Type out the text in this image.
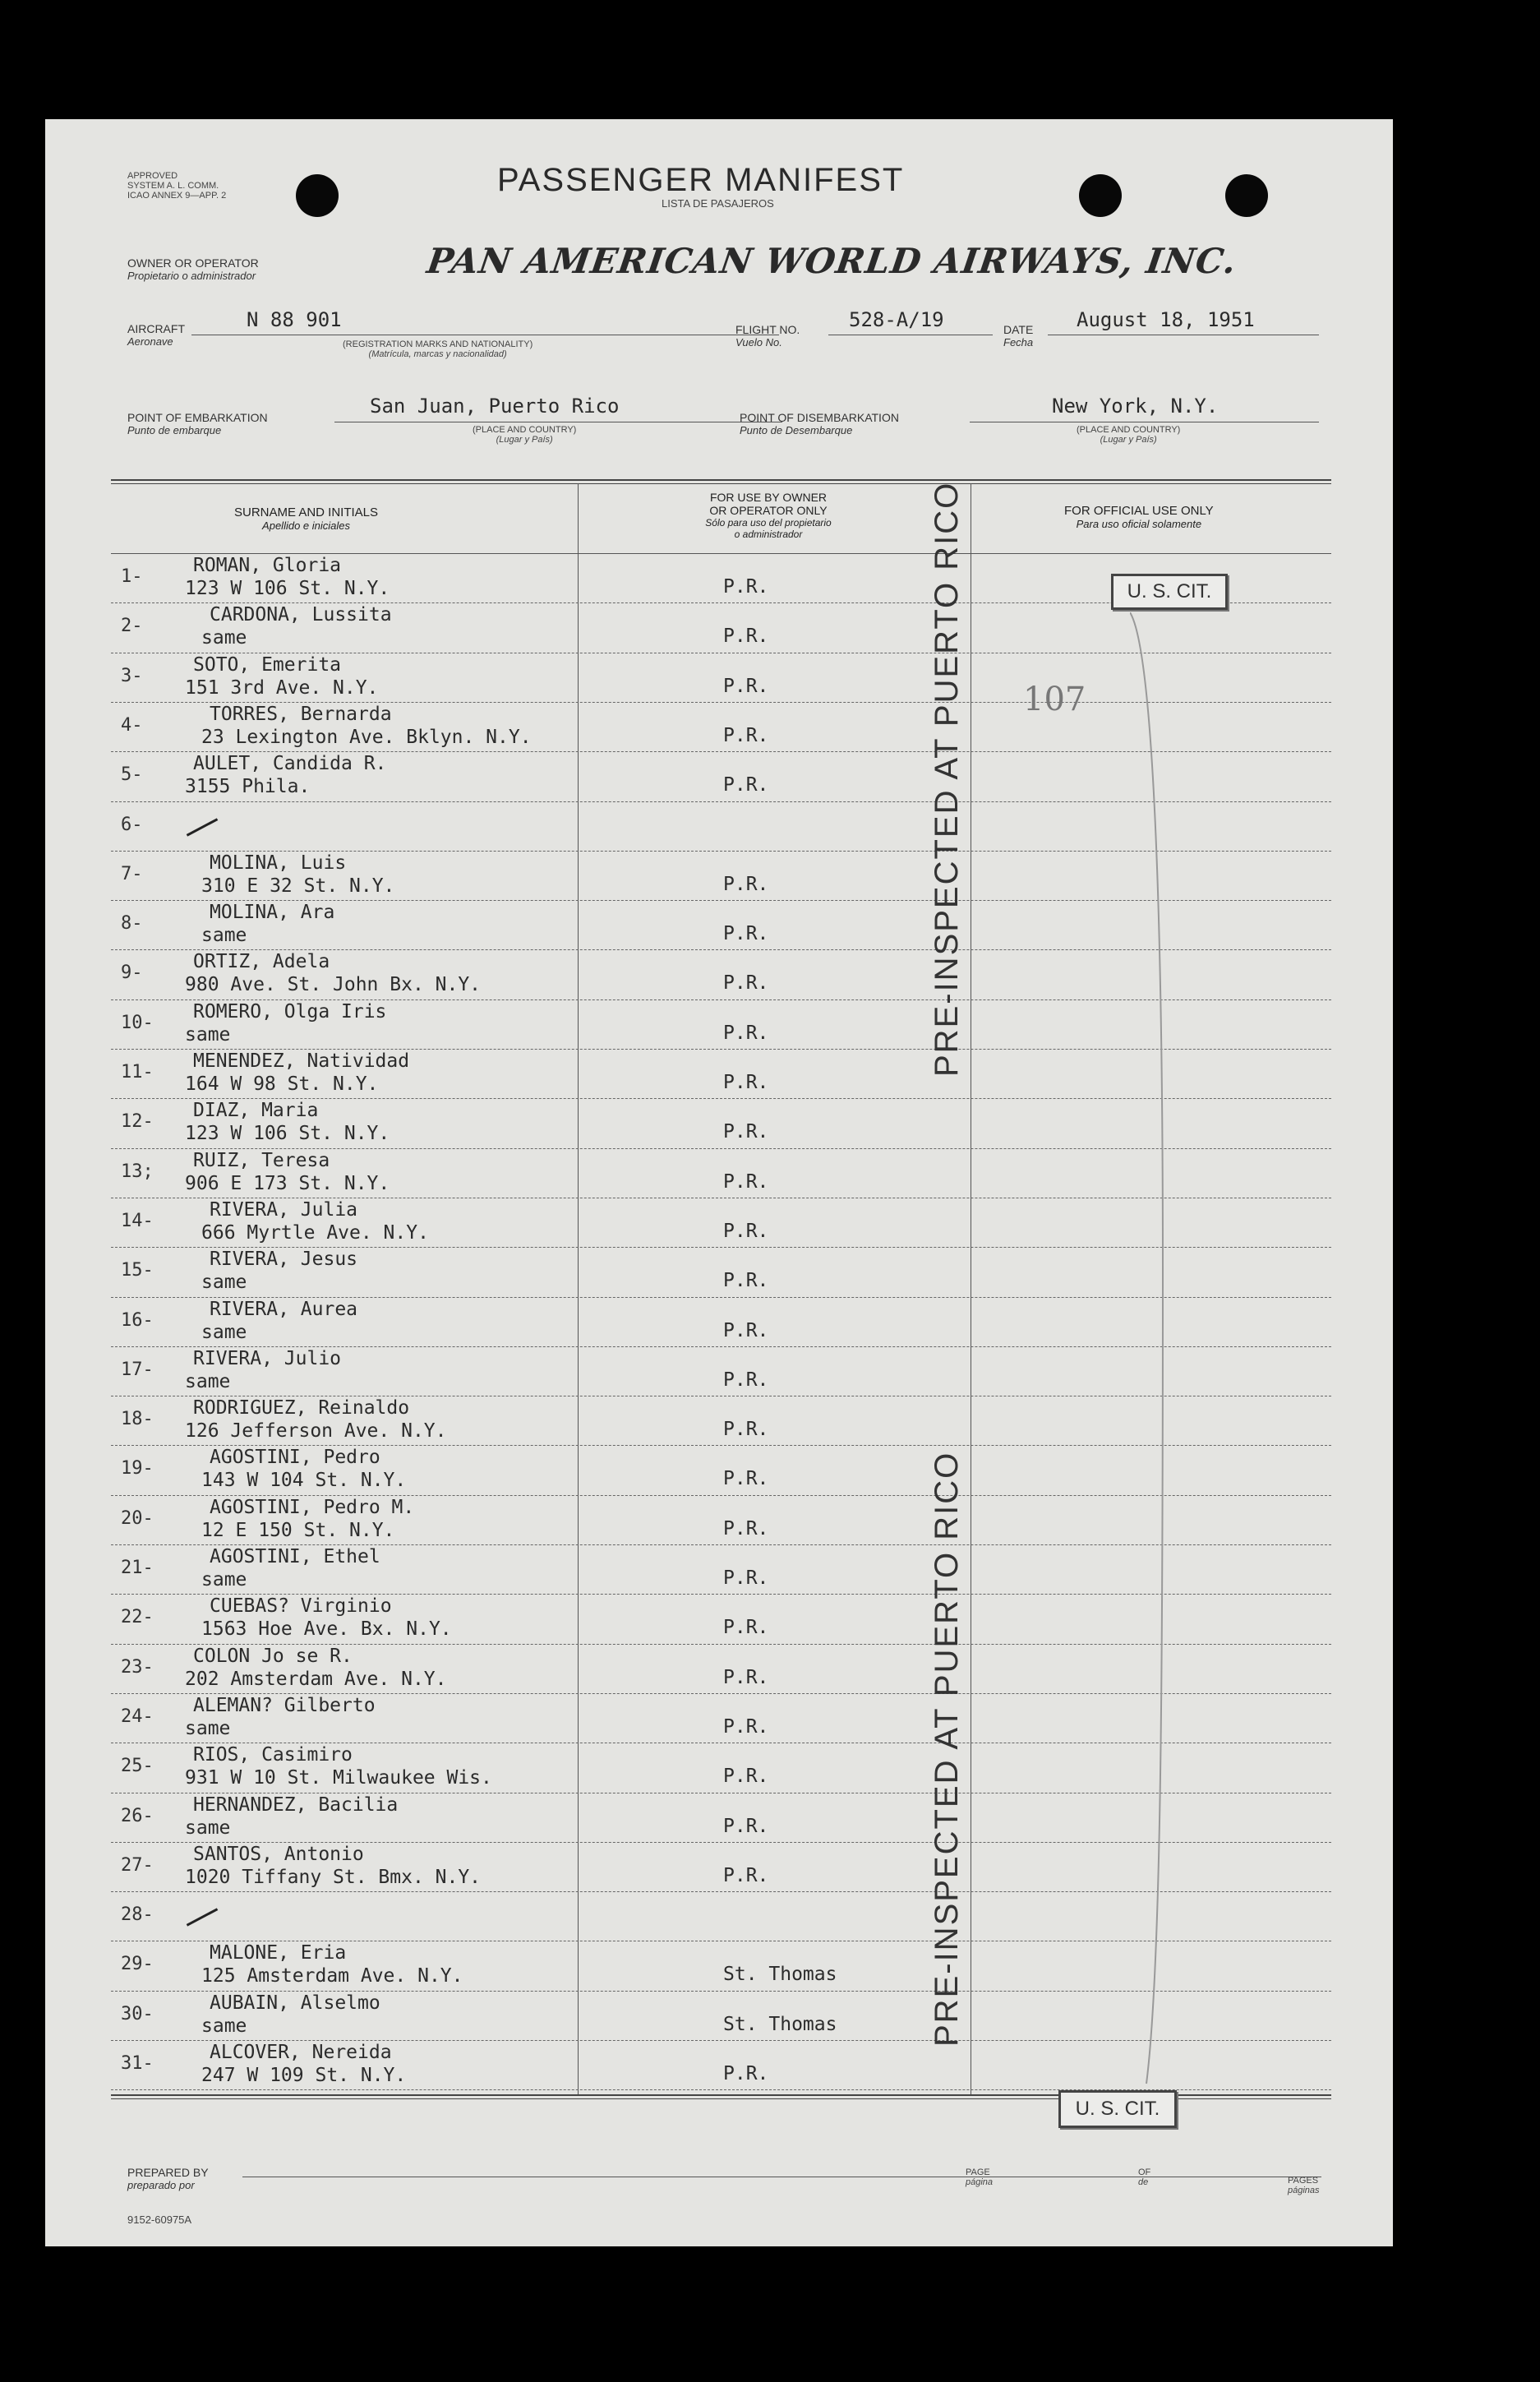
APPROVED
SYSTEM A. L. COMM.
ICAO ANNEX 9—APP. 2	PASSENGER MANIFEST
LISTA DE PASAJEROS
OWNER OR OPERATOR
Propietario o administrador	PAN AMERICAN WORLD AIRWAYS, INC.
AIRCRAFT
Aeronave
N 88 901
(REGISTRATION MARKS AND NATIONALITY)
(Matrícula, marcas y nacionalidad)
FLIGHT NO.
Vuelo No.
528-A/19	DATE
Fecha
August 18, 1951
POINT OF EMBARKATION
Punto de embarque
San Juan, Puerto Rico
(PLACE AND COUNTRY)
(Lugar y País)
POINT OF DISEMBARKATION
Punto de Desembarque
New York, N.Y.
(PLACE AND COUNTRY)
(Lugar y País)
SURNAME AND INITIALS
Apellido e iniciales
FOR USE BY OWNER
OR OPERATOR ONLY
Sólo para uso del propietario
o administrador
FOR OFFICIAL USE ONLY
Para uso oficial solamente
1-
ROMAN, Gloria
123 W 106 St. N.Y.	P.R.
2-
CARDONA, Lussita
same	P.R.
3-
SOTO, Emerita
151 3rd Ave. N.Y.	P.R.
4-
TORRES, Bernarda
23 Lexington Ave. Bklyn. N.Y.	P.R.
5-
AULET, Candida R.
3155 Phila.	P.R.
6-
7-
MOLINA, Luis
310 E 32 St. N.Y.	P.R.
8-
MOLINA, Ara
same	P.R.
9-
ORTIZ, Adela
980 Ave. St. John Bx. N.Y.	P.R.
10-
ROMERO, Olga Iris
same	P.R.
11-
MENENDEZ, Natividad
164 W 98 St. N.Y.	P.R.
12-
DIAZ, Maria
123 W 106 St. N.Y.	P.R.
13;
RUIZ, Teresa
906 E 173 St. N.Y.	P.R.
14-
RIVERA, Julia
666 Myrtle Ave. N.Y.	P.R.
15-
RIVERA, Jesus
same	P.R.
16-
RIVERA, Aurea
same	P.R.
17-
RIVERA, Julio
same	P.R.
18-
RODRIGUEZ, Reinaldo
126 Jefferson Ave. N.Y.	P.R.
19-
AGOSTINI, Pedro
143 W 104 St. N.Y.	P.R.
20-
AGOSTINI, Pedro M.
12 E 150 St. N.Y.	P.R.
21-
AGOSTINI, Ethel
same	P.R.
22-
CUEBAS? Virginio
1563 Hoe Ave. Bx. N.Y.	P.R.
23-
COLON Jo se R.
202 Amsterdam Ave. N.Y.	P.R.
24-
ALEMAN? Gilberto
same	P.R.
25-
RIOS, Casimiro
931 W 10 St. Milwaukee Wis.	P.R.
26-
HERNANDEZ, Bacilia
same	P.R.
27-
SANTOS, Antonio
1020 Tiffany St. Bmx. N.Y.	P.R.
28-
29-
MALONE, Eria
125 Amsterdam Ave. N.Y.	St. Thomas
30-
AUBAIN, Alselmo
same	St. Thomas
31-
ALCOVER, Nereida
247 W 109 St. N.Y.	P.R.
PRE-INSPECTED AT PUERTO RICO
PRE-INSPECTED AT PUERTO RICO
U. S. CIT.
U. S. CIT.
107
PREPARED BY
preparado por
PAGE
página
OF
de	PAGES
páginas
9152-60975A
